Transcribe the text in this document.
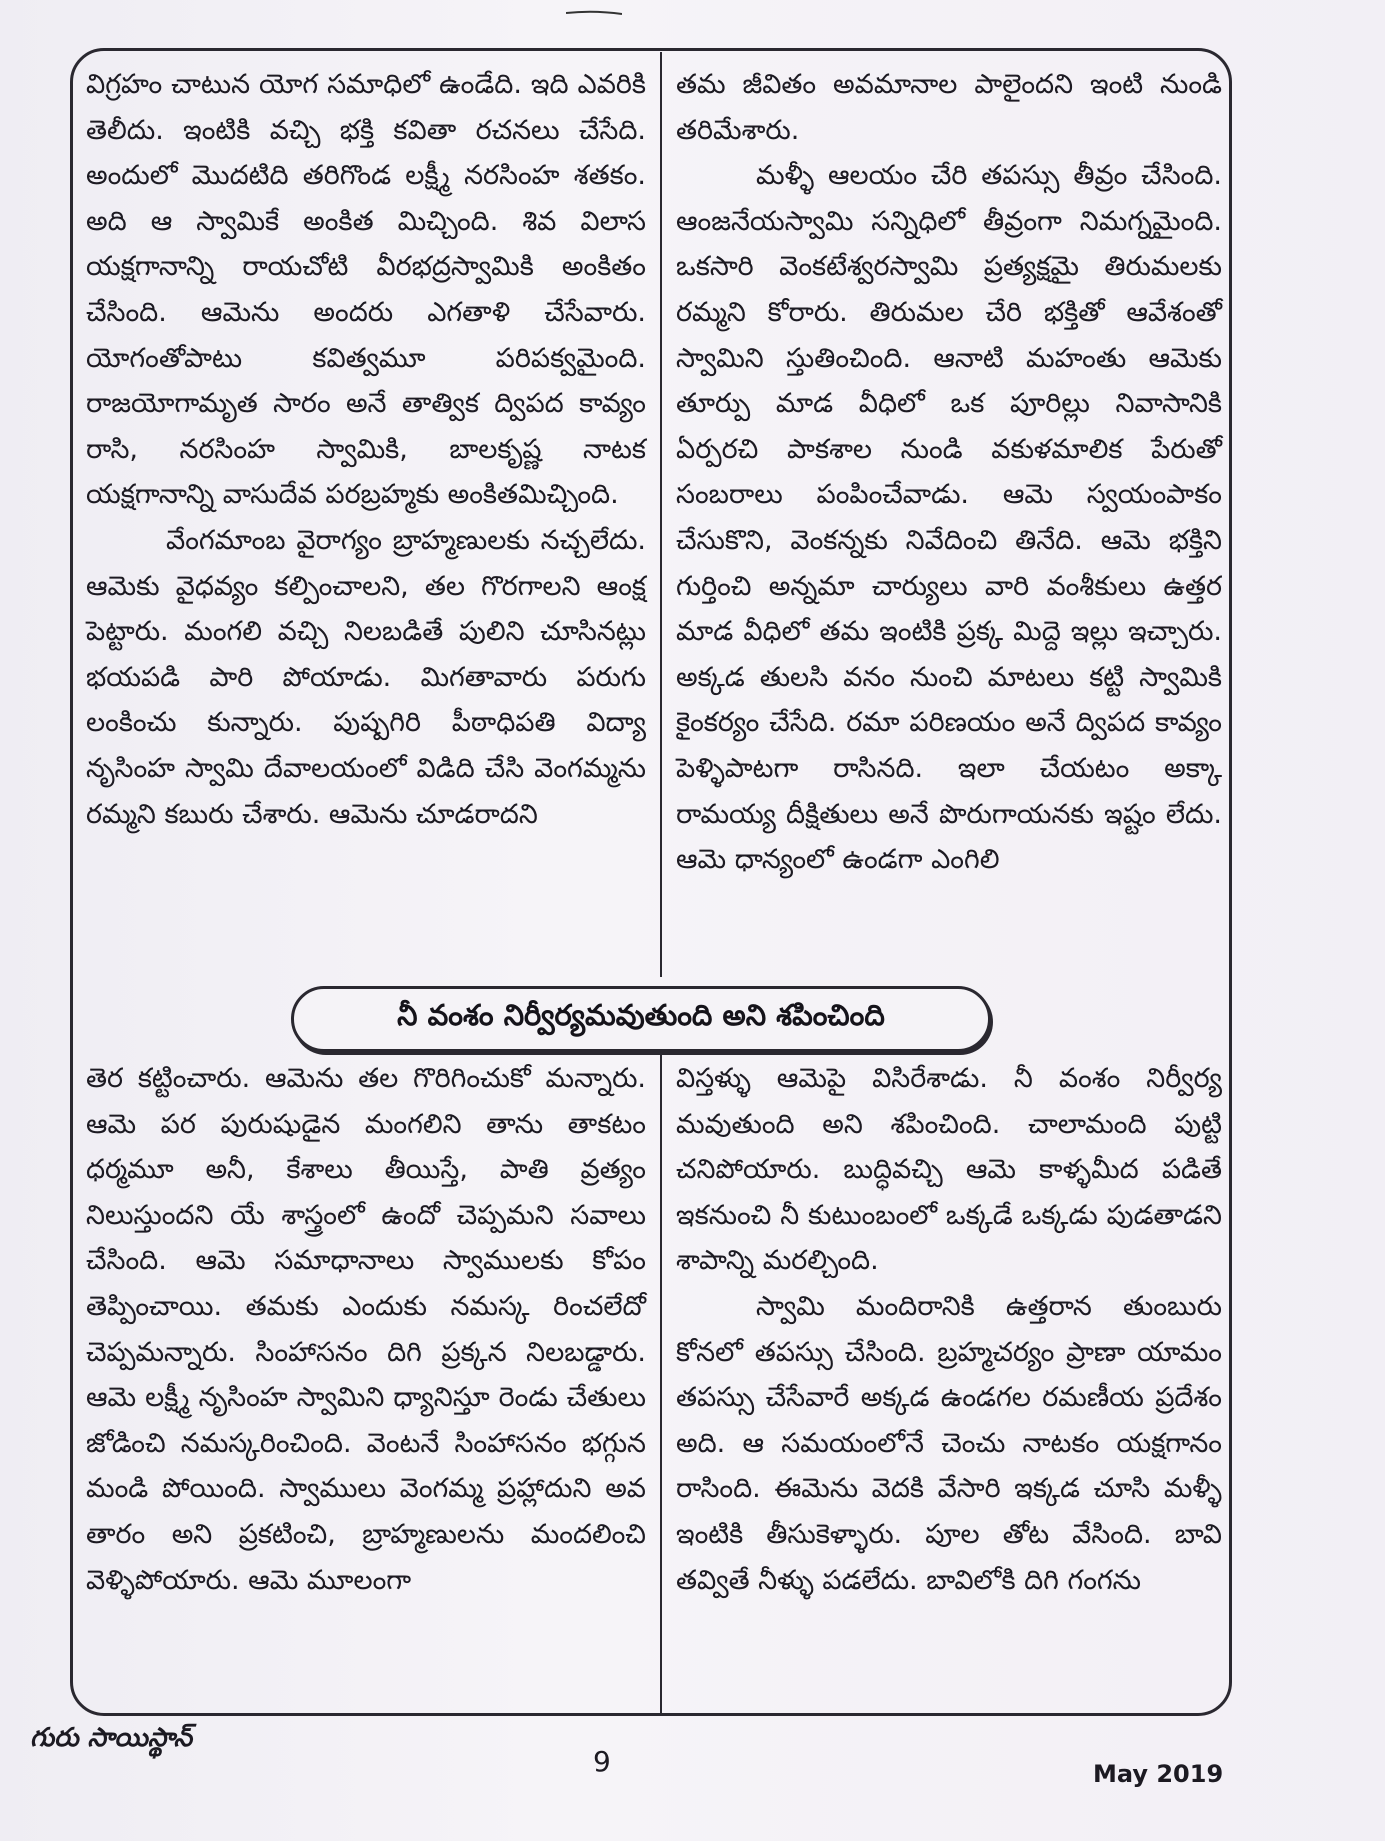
విగ్రహం చాటున యోగ సమాధిలో ఉండేది. ఇది ఎవరికి తెలీదు. ఇంటికి వచ్చి భక్తి కవితా రచనలు చేసేది. అందులో మొదటిది తరిగొండ లక్ష్మీ నరసింహ శతకం. అది ఆ స్వామికే అంకిత మిచ్చింది. శివ విలాస యక్షగానాన్ని రాయచోటి వీరభద్రస్వామికి అంకితం చేసింది. ఆమెను అందరు ఎగతాళి చేసేవారు. యోగంతోపాటు కవిత్వమూ పరిపక్వమైంది. రాజయోగామృత సారం అనే తాత్విక ద్విపద కావ్యం రాసి, నరసింహ స్వామికి, బాలకృష్ణ నాటక యక్షగానాన్ని వాసుదేవ పరబ్రహ్మకు అంకితమిచ్చింది.

వేంగమాంబ వైరాగ్యం బ్రాహ్మణులకు నచ్చలేదు. ఆమెకు వైధవ్యం కల్పించాలని, తల గొరగాలని ఆంక్ష పెట్టారు. మంగలి వచ్చి నిలబడితే పులిని చూసినట్లు భయపడి పారి పోయాడు. మిగతావారు పరుగు లంకించు కున్నారు. పుష్పగిరి పీఠాధిపతి విద్యా నృసింహ స్వామి దేవాలయంలో విడిది చేసి వెంగమ్మను రమ్మని కబురు చేశారు. ఆమెను చూడరాదని

తమ జీవితం అవమానాల పాలైందని ఇంటి నుండి తరిమేశారు.

మళ్ళీ ఆలయం చేరి తపస్సు తీవ్రం చేసింది. ఆంజనేయస్వామి సన్నిధిలో తీవ్రంగా నిమగ్నమైంది. ఒకసారి వెంకటేశ్వరస్వామి ప్రత్యక్షమై తిరుమలకు రమ్మని కోరారు. తిరుమల చేరి భక్తితో ఆవేశంతో స్వామిని స్తుతించింది. ఆనాటి మహంతు ఆమెకు తూర్పు మాడ వీధిలో ఒక పూరిల్లు నివాసానికి ఏర్పరచి పాకశాల నుండి వకుళమాలిక పేరుతో సంబరాలు పంపించేవాడు. ఆమె స్వయంపాకం చేసుకొని, వెంకన్నకు నివేదించి తినేది. ఆమె భక్తిని గుర్తించి అన్నమా చార్యులు వారి వంశీకులు ఉత్తర మాడ వీధిలో తమ ఇంటికి ప్రక్క మిద్దె ఇల్లు ఇచ్చారు. అక్కడ తులసి వనం నుంచి మాటలు కట్టి స్వామికి కైంకర్యం చేసేది. రమా పరిణయం అనే ద్విపద కావ్యం పెళ్ళిపాటగా రాసినది. ఇలా చేయటం అక్కా రామయ్య దీక్షితులు అనే పొరుగాయనకు ఇష్టం లేదు. ఆమె ధాన్యంలో ఉండగా ఎంగిలి

నీ వంశం నిర్వీర్యమవుతుంది అని శపించింది

తెర కట్టించారు. ఆమెను తల గొరిగించుకో మన్నారు. ఆమె పర పురుషుడైన మంగలిని తాను తాకటం ధర్మమూ అనీ, కేశాలు తీయిస్తే, పాతి వ్రత్యం నిలుస్తుందని యే శాస్త్రంలో ఉందో చెప్పమని సవాలు చేసింది. ఆమె సమాధానాలు స్వాములకు కోపం తెప్పించాయి. తమకు ఎందుకు నమస్క రించలేదో చెప్పమన్నారు. సింహాసనం దిగి ప్రక్కన నిలబడ్డారు. ఆమె లక్ష్మీ నృసింహ స్వామిని ధ్యానిస్తూ రెండు చేతులు జోడించి నమస్కరించింది. వెంటనే సింహాసనం భగ్గున మండి పోయింది. స్వాములు వెంగమ్మ ప్రహ్లాదుని అవ తారం అని ప్రకటించి, బ్రాహ్మణులను మందలించి వెళ్ళిపోయారు. ఆమె మూలంగా

విస్తళ్ళు ఆమెపై విసిరేశాడు. నీ వంశం నిర్వీర్య మవుతుంది అని శపించింది. చాలామంది పుట్టి చనిపోయారు. బుద్ధివచ్చి ఆమె కాళ్ళమీద పడితే ఇకనుంచి నీ కుటుంబంలో ఒక్కడే ఒక్కడు పుడతాడని శాపాన్ని మరల్చింది.

స్వామి మందిరానికి ఉత్తరాన తుంబురు కోనలో తపస్సు చేసింది. బ్రహ్మచర్యం ప్రాణా యామం తపస్సు చేసేవారే అక్కడ ఉండగల రమణీయ ప్రదేశం అది. ఆ సమయంలోనే చెంచు నాటకం యక్షగానం రాసింది. ఈమెను వెదకి వేసారి ఇక్కడ చూసి మళ్ళీ ఇంటికి తీసుకెళ్ళారు. పూల తోట వేసింది. బావి తవ్వితే నీళ్ళు పడలేదు. బావిలోకి దిగి గంగను

గురు సాయిస్థాన్
9	May 2019
